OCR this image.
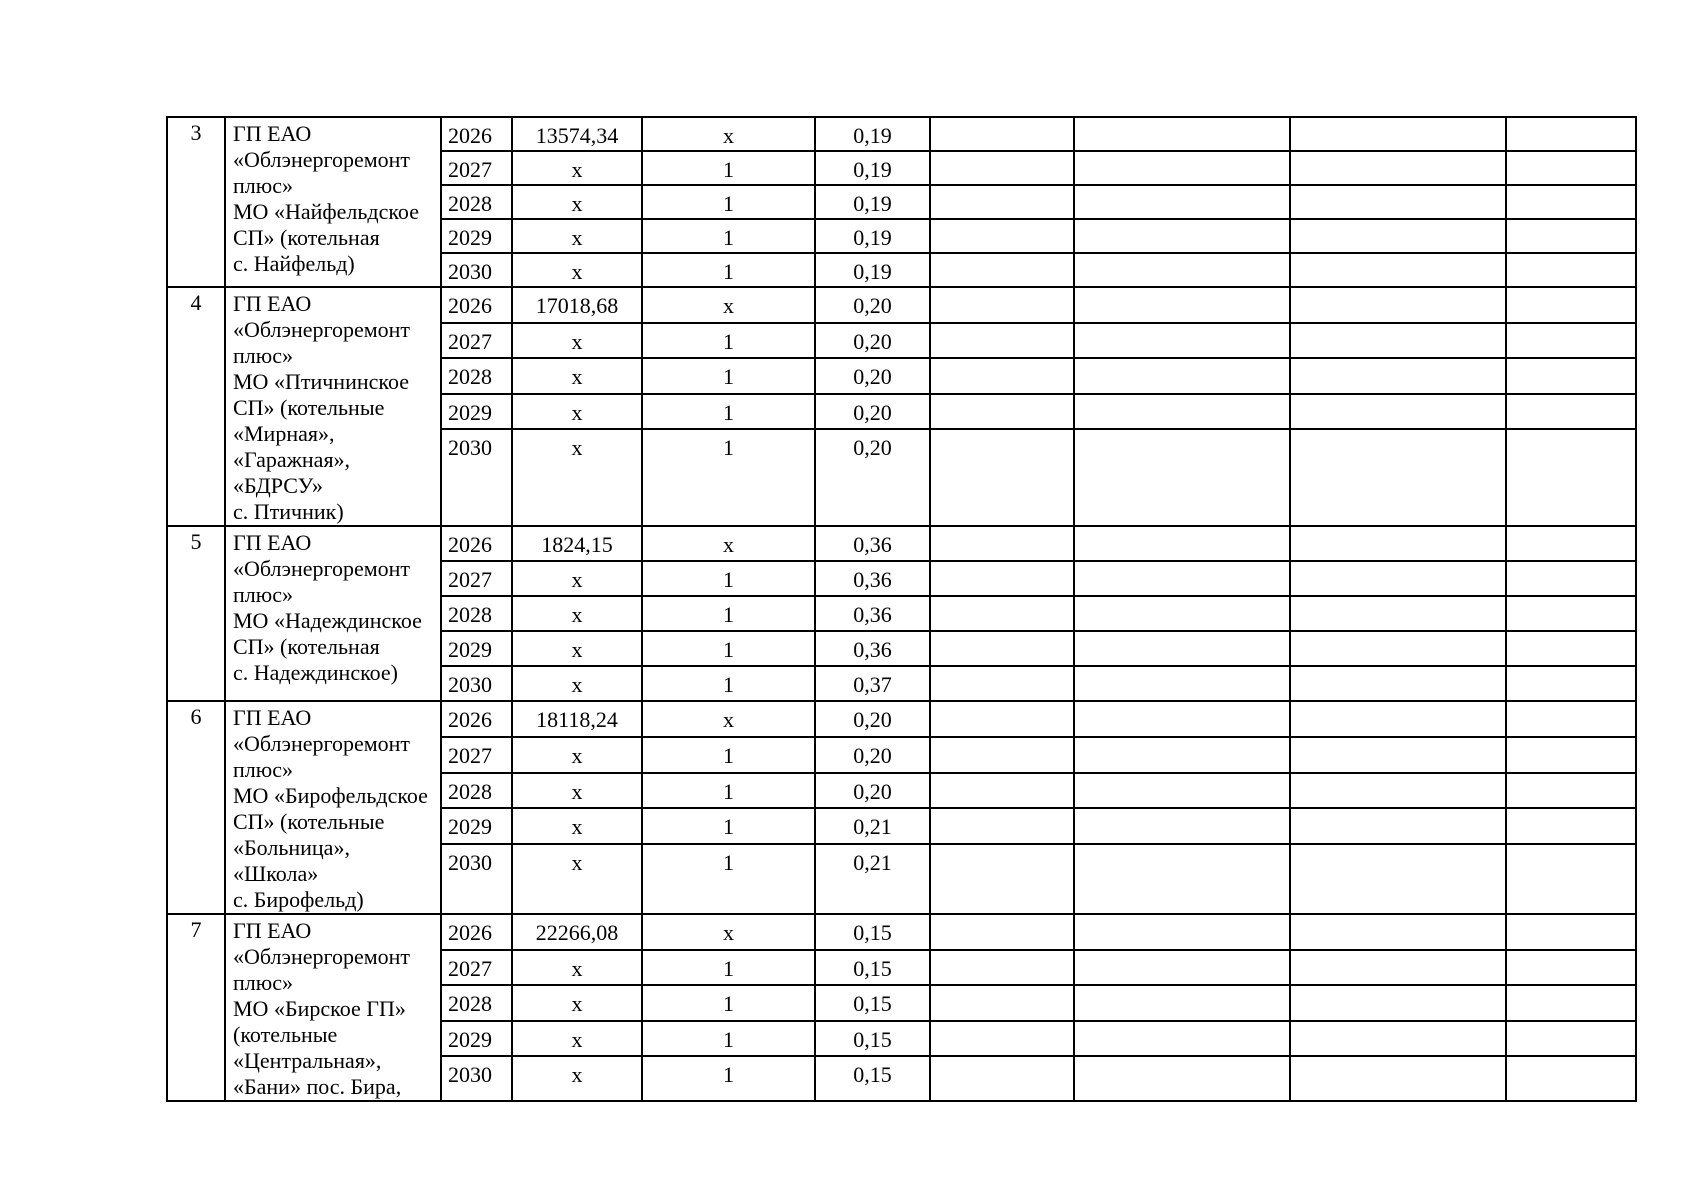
3	ГП ЕАО
«Облэнергоремонт плюс»
МО «Найфельдское СП» (котельная
с. Найфельд)	2026	13574,34	x	0,19				
		2027	x	1	0,19				
		2028	x	1	0,19				
		2029	x	1	0,19				
		2030	x	1	0,19				
4	ГП ЕАО
«Облэнергоремонт плюс»
МО «Птичнинское СП» (котельные «Мирная», «Гаражная», «БДРСУ»
с. Птичник)	2026	17018,68	x	0,20				
		2027	x	1	0,20				
		2028	x	1	0,20				
		2029	x	1	0,20				
		2030	x	1	0,20				
5	ГП ЕАО
«Облэнергоремонт плюс»
МО «Надеждинское СП» (котельная
с. Надеждинское)	2026	1824,15	x	0,36				
		2027	x	1	0,36				
		2028	x	1	0,36				
		2029	x	1	0,36				
		2030	x	1	0,37				
6	ГП ЕАО
«Облэнергоремонт плюс»
МО «Бирофельдское СП» (котельные «Больница», «Школа»
с. Бирофельд)	2026	18118,24	x	0,20				
		2027	x	1	0,20				
		2028	x	1	0,20				
		2029	x	1	0,21				
		2030	x	1	0,21				
7	ГП ЕАО
«Облэнергоремонт плюс»
МО «Бирское ГП» (котельные «Центральная», «Бани» пос. Бира,	2026	22266,08	x	0,15				
		2027	x	1	0,15				
		2028	x	1	0,15				
		2029	x	1	0,15				
		2030	x	1	0,15				
